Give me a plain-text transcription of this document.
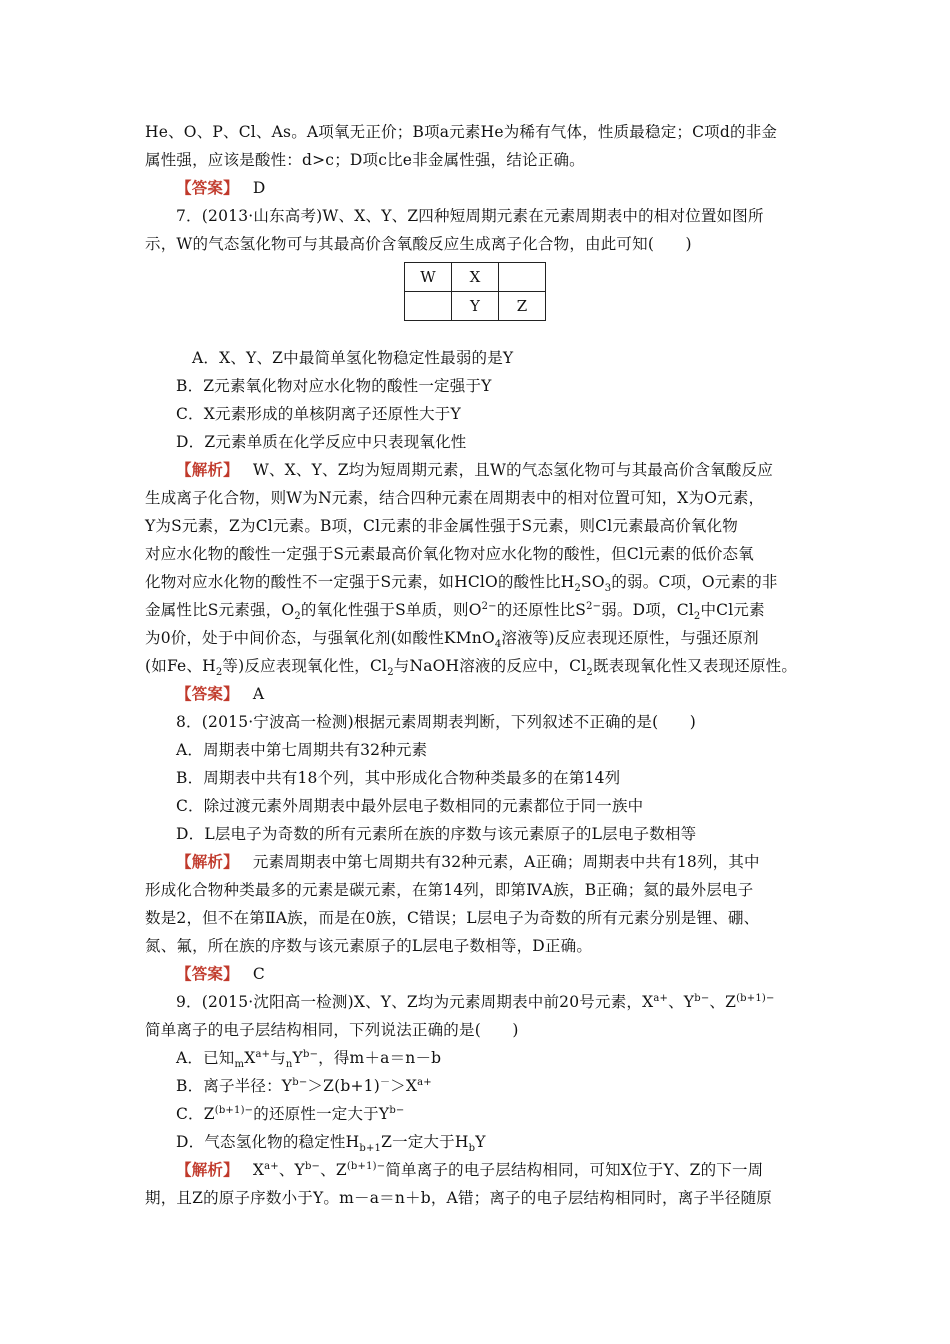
He、O、P、Cl、As。A项氧无正价；B项a元素He为稀有气体，性质最稳定；C项d的非金
属性强，应该是酸性：d>c；D项c比e非金属性强，结论正确。
【答案】 D
7．(2013·山东高考)W、X、Y、Z四种短周期元素在元素周期表中的相对位置如图所
示，W的气态氢化物可与其最高价含氧酸反应生成离子化合物，由此可知(　　)
W	X	
	Y	Z
A．X、Y、Z中最简单氢化物稳定性最弱的是Y
B．Z元素氧化物对应水化物的酸性一定强于Y
C．X元素形成的单核阴离子还原性大于Y
D．Z元素单质在化学反应中只表现氧化性
【解析】 W、X、Y、Z均为短周期元素，且W的气态氢化物可与其最高价含氧酸反应
生成离子化合物，则W为N元素，结合四种元素在周期表中的相对位置可知，X为O元素，
Y为S元素，Z为Cl元素。B项，Cl元素的非金属性强于S元素，则Cl元素最高价氧化物
对应水化物的酸性一定强于S元素最高价氧化物对应水化物的酸性，但Cl元素的低价态氧
化物对应水化物的酸性不一定强于S元素，如HClO的酸性比$H_2SO_3$的弱。C项，O元素的非
金属性比S元素强，$O_2$的氧化性强于S单质，则$O^{2-}$的还原性比$S^{2-}$弱。D项，$Cl_2$中Cl元素
为0价，处于中间价态，与强氧化剂(如酸性KMnO$_4$溶液等)反应表现还原性，与强还原剂
(如Fe、$H_2$等)反应表现氧化性，$Cl_2$与NaOH溶液的反应中，$Cl_2$既表现氧化性又表现还原性。
【答案】 A
8．(2015·宁波高一检测)根据元素周期表判断，下列叙述不正确的是(　　)
A．周期表中第七周期共有32种元素
B．周期表中共有18个列，其中形成化合物种类最多的在第14列
C．除过渡元素外周期表中最外层电子数相同的元素都位于同一族中
D．L层电子为奇数的所有元素所在族的序数与该元素原子的L层电子数相等
【解析】 元素周期表中第七周期共有32种元素，A正确；周期表中共有18列，其中
形成化合物种类最多的元素是碳元素，在第14列，即第ⅣA族，B正确；氦的最外层电子
数是2，但不在第ⅡA族，而是在0族，C错误；L层电子为奇数的所有元素分别是锂、硼、
氮、氟，所在族的序数与该元素原子的L层电子数相等，D正确。
【答案】 C
9．(2015·沈阳高一检测)X、Y、Z均为元素周期表中前20号元素，$X^{a+}$、$Y^{b-}$、$Z^{(b+1)-}$
简单离子的电子层结构相同，下列说法正确的是(　　)
A．已知$_mX^{a+}$与$_nY^{b-}$，得m＋a＝n－b
B．离子半径：$Y^{b-}>Z(b+1)^->X^{a+}$
C．$Z^{(b+1)-}$的还原性一定大于$Y^{b-}$
D．气态氢化物的稳定性$H_{b+1}Z$一定大于$H_bY$
【解析】 $X^{a+}$、$Y^{b-}$、$Z^{(b+1)-}$简单离子的电子层结构相同，可知X位于Y、Z的下一周
期，且Z的原子序数小于Y。m－a＝n＋b，A错；离子的电子层结构相同时，离子半径随原
